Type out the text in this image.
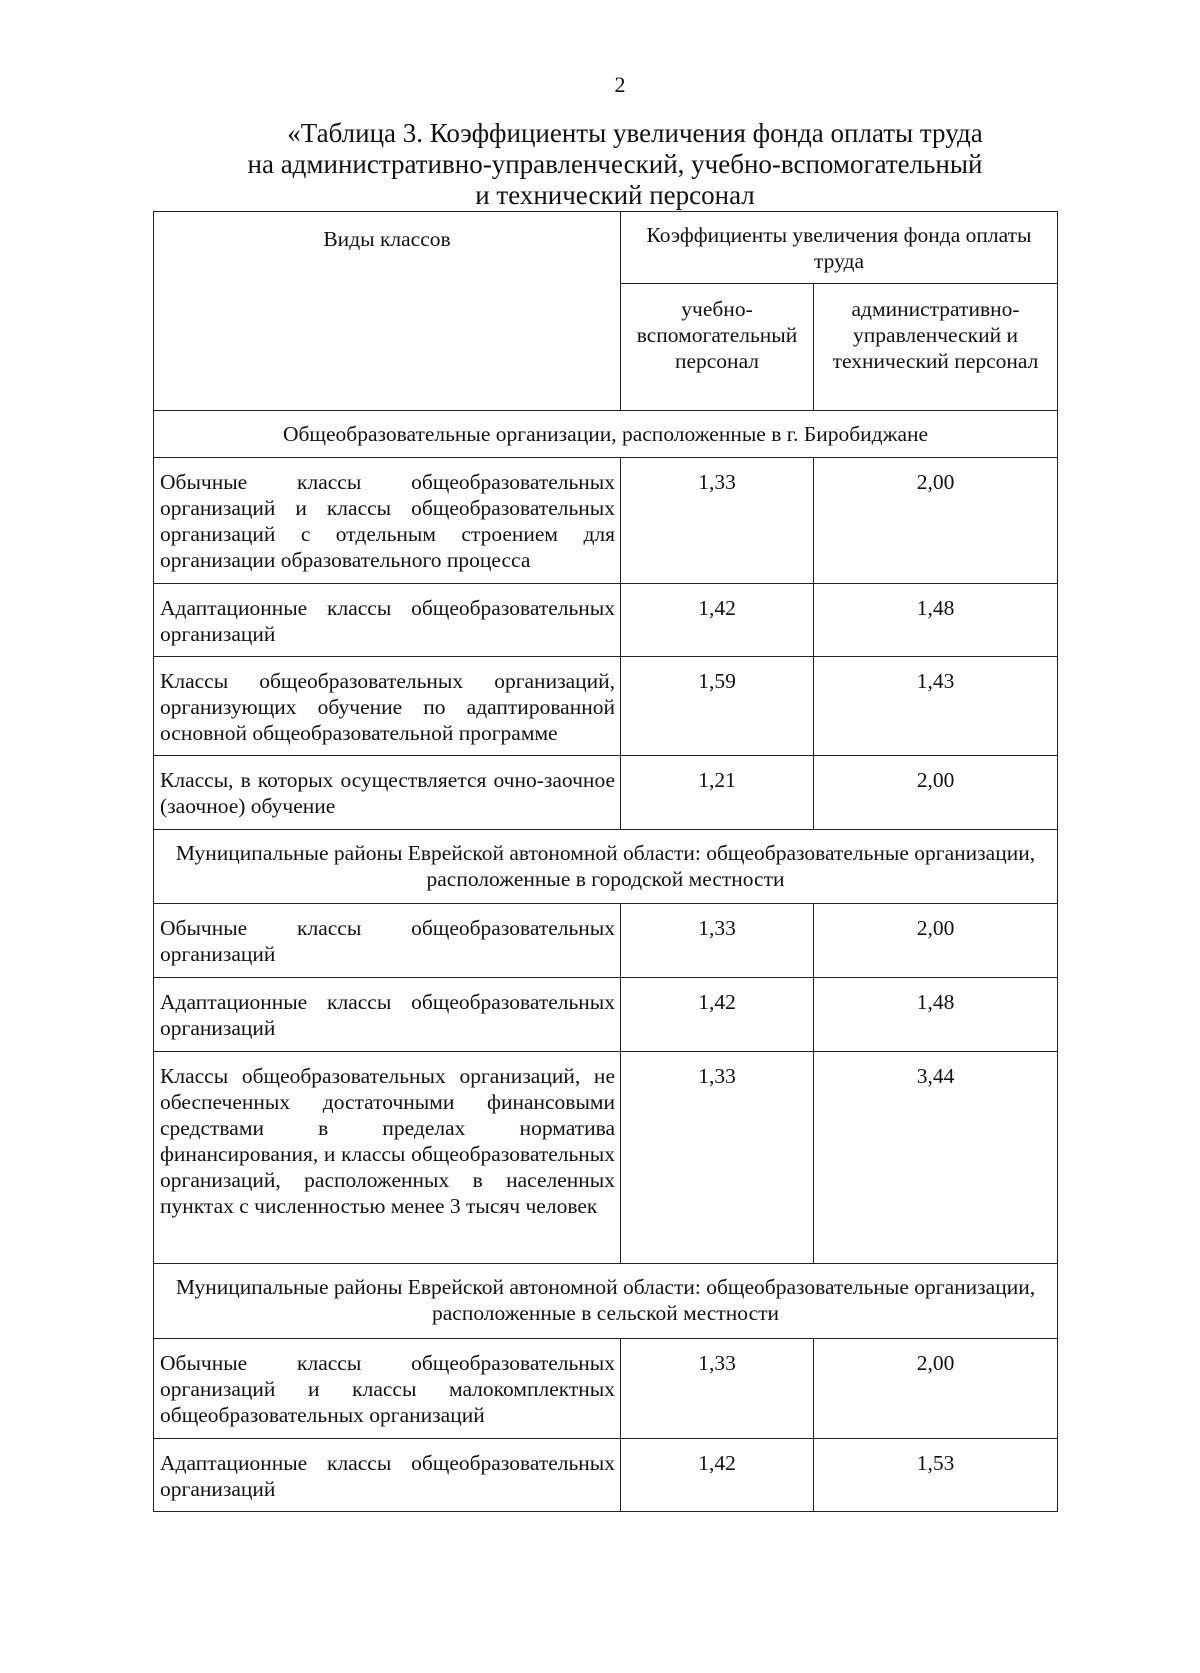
2
«Таблица 3. Коэффициенты увеличения фонда оплаты труда
на административно-управленческий, учебно-вспомогательный
и технический персонал
Виды классов	Коэффициенты увеличения фонда оплаты труда	
	учебно-вспомогательный персонал	административно-управленческий и технический персонал
Общеобразовательные организации, расположенные в г. Биробиджане		
Обычные классы общеобразовательных организаций и классы общеобразовательных организаций с отдельным строением для организации образовательного процесса	1,33	2,00
Адаптационные классы общеобразовательных организаций	1,42	1,48
Классы общеобразовательных организаций, организующих обучение по адаптированной основной общеобразовательной программе	1,59	1,43
Классы, в которых осуществляется очно-заочное (заочное) обучение	1,21	2,00
Муниципальные районы Еврейской автономной области: общеобразовательные организации, расположенные в городской местности		
Обычные классы общеобразовательных организаций	1,33	2,00
Адаптационные классы общеобразовательных организаций	1,42	1,48
Классы общеобразовательных организаций, не обеспеченных достаточными финансовыми средствами в пределах норматива финансирования, и классы общеобразовательных организаций, расположенных в населенных пунктах с численностью менее 3 тысяч человек	1,33	3,44
Муниципальные районы Еврейской автономной области: общеобразовательные организации, расположенные в сельской местности		
Обычные классы общеобразовательных организаций и классы малокомплектных общеобразовательных организаций	1,33	2,00
Адаптационные классы общеобразовательных организаций	1,42	1,53
